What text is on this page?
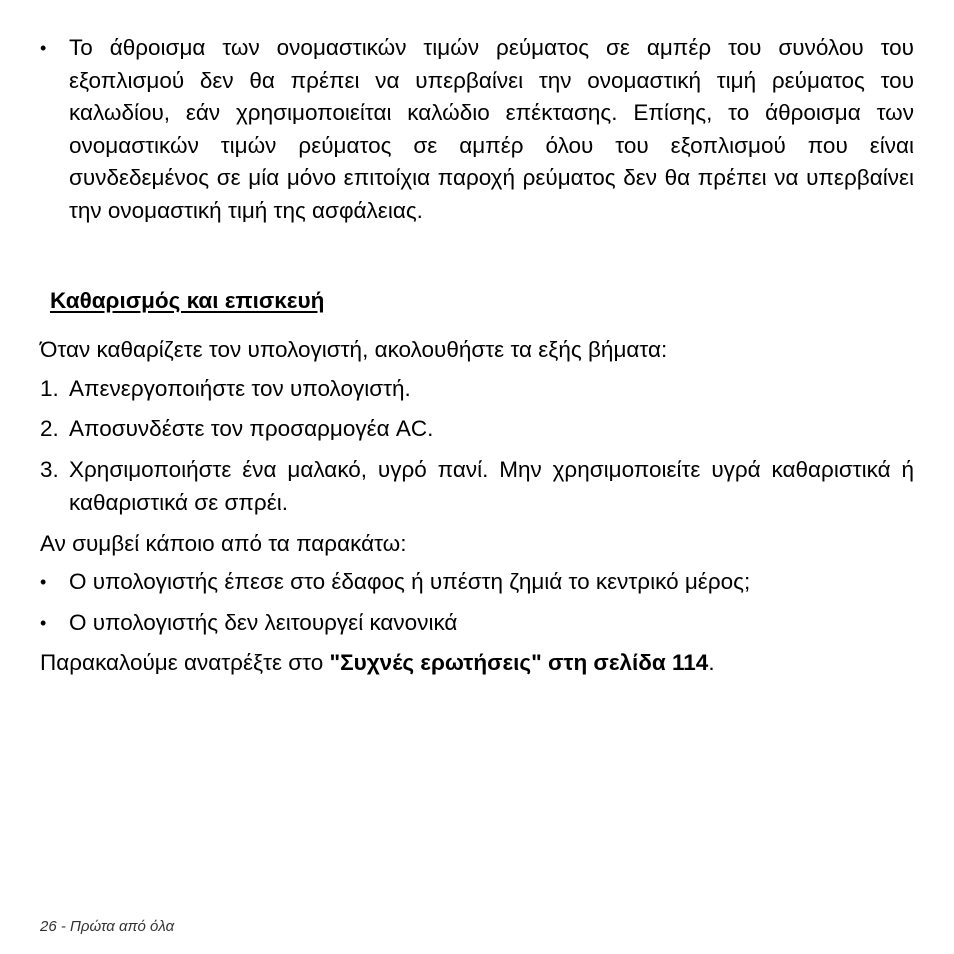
•	Το άθροισμα των ονομαστικών τιμών ρεύματος σε αμπέρ του συνόλου του εξοπλισμού δεν θα πρέπει να υπερβαίνει την ονομαστική τιμή ρεύματος του καλωδίου, εάν χρησιμοποιείται καλώδιο επέκτασης. Επίσης, το άθροισμα των ονομαστικών τιμών ρεύματος σε αμπέρ όλου του εξοπλισμού που είναι συνδεδεμένος σε μία μόνο επιτοίχια παροχή ρεύματος δεν θα πρέπει να υπερβαίνει την ονομαστική τιμή της ασφάλειας.
Καθαρισμός και επισκευή
Όταν καθαρίζετε τον υπολογιστή, ακολουθήστε τα εξής βήματα:
1. Απενεργοποιήστε τον υπολογιστή.
2. Αποσυνδέστε τον προσαρμογέα AC.
3. Χρησιμοποιήστε ένα μαλακό, υγρό πανί. Μην χρησιμοποιείτε υγρά καθαριστικά ή καθαριστικά σε σπρέι.
Αν συμβεί κάποιο από τα παρακάτω:
•	Ο υπολογιστής έπεσε στο έδαφος ή υπέστη ζημιά το κεντρικό μέρος;
•	Ο υπολογιστής δεν λειτουργεί κανονικά
Παρακαλούμε ανατρέξτε στο "Συχνές ερωτήσεις" στη σελίδα 114.
26 - Πρώτα από όλα
